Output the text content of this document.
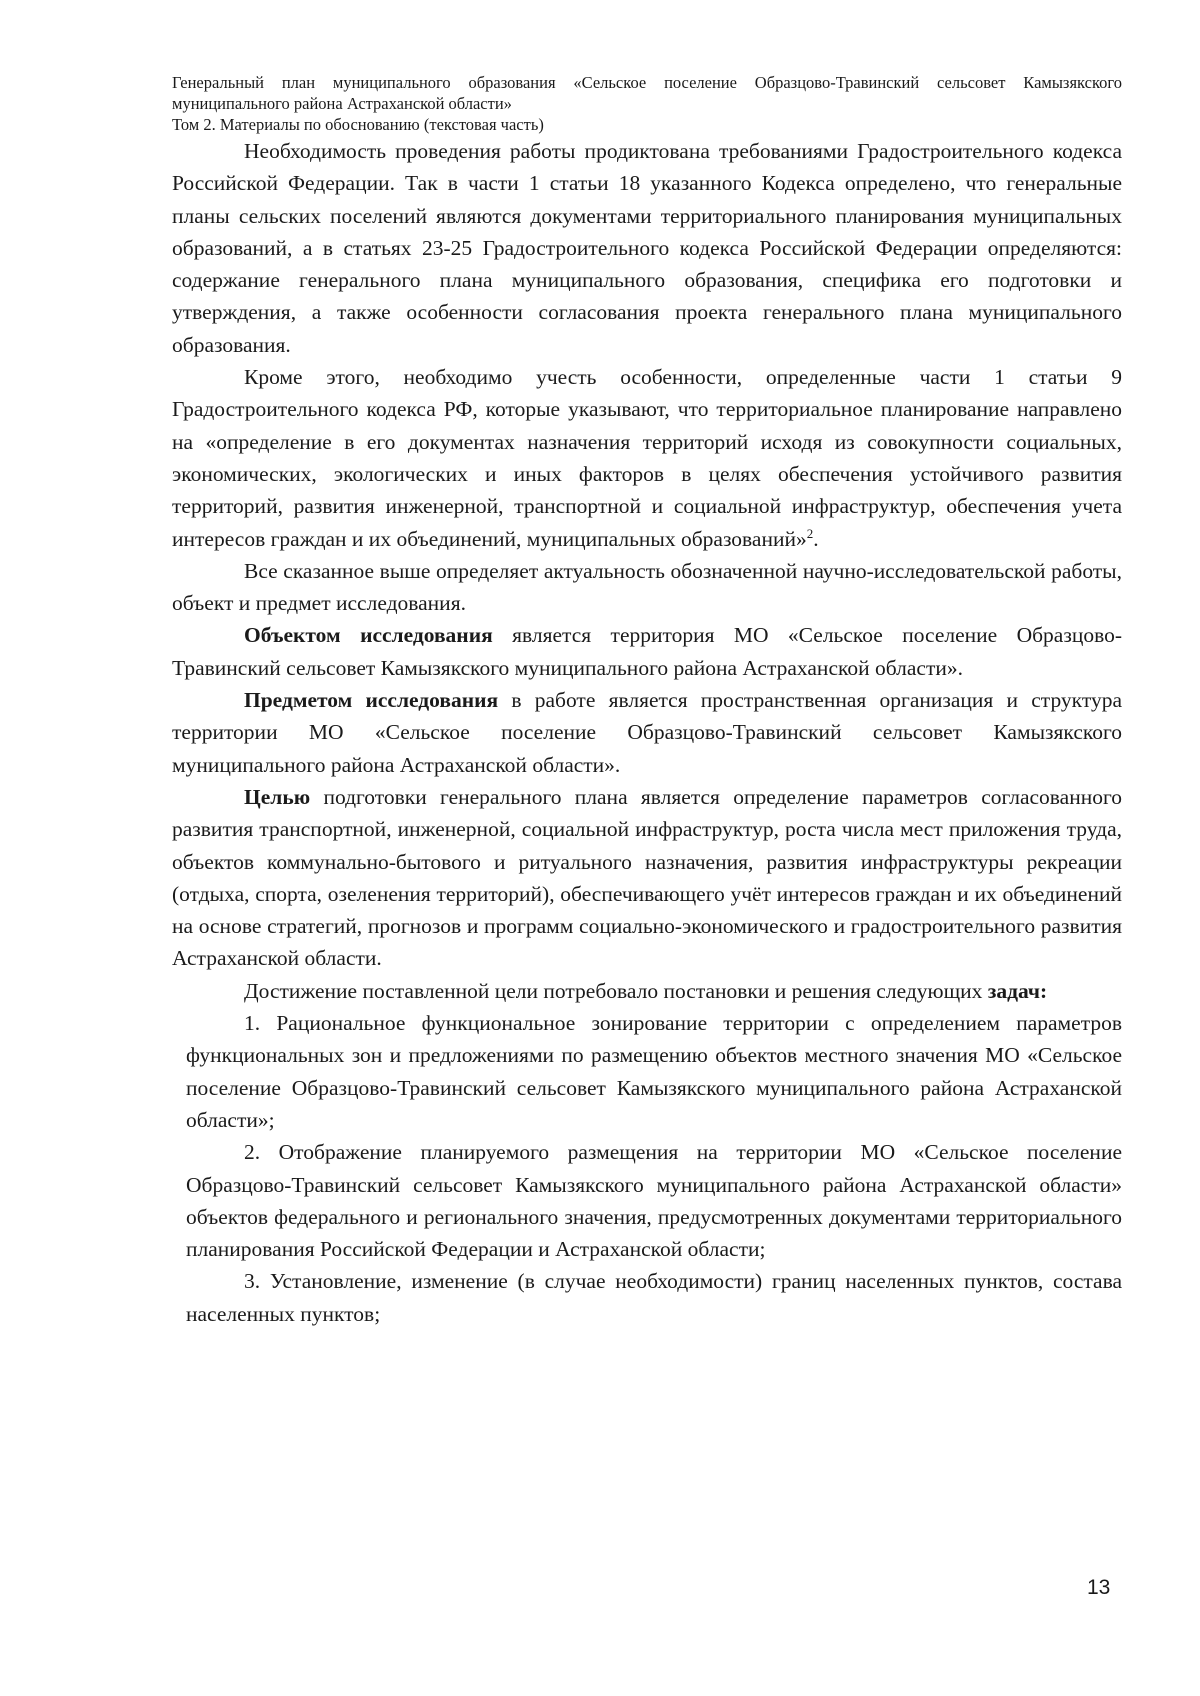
Генеральный план муниципального образования «Сельское поселение Образцово-Травинский сельсовет Камызякского муниципального района Астраханской области»

Том 2. Материалы по обоснованию (текстовая часть)

Необходимость проведения работы продиктована требованиями Градостроительного кодекса Российской Федерации. Так в части 1 статьи 18 указанного Кодекса определено, что генеральные планы сельских поселений являются документами территориального планирования муниципальных образований, а в статьях 23-25 Градостроительного кодекса Российской Федерации определяются: содержание генерального плана муниципального образования, специфика его подготовки и утверждения, а также особенности согласования проекта генерального плана муниципального образования.

Кроме этого, необходимо учесть особенности, определенные части 1 статьи 9 Градостроительного кодекса РФ, которые указывают, что территориальное планирование направлено на «определение в его документах назначения территорий исходя из совокупности социальных, экономических, экологических и иных факторов в целях обеспечения устойчивого развития территорий, развития инженерной, транспортной и социальной инфраструктур, обеспечения учета интересов граждан и их объединений, муниципальных образований»$^2$.

Все сказанное выше определяет актуальность обозначенной научно-исследовательской работы, объект и предмет исследования.

Объектом исследования является территория МО «Сельское поселение Образцово-Травинский сельсовет Камызякского муниципального района Астраханской области».

Предметом исследования в работе является пространственная организация и структура территории МО «Сельское поселение Образцово-Травинский сельсовет Камызякского муниципального района Астраханской области».

Целью подготовки генерального плана является определение параметров согласованного развития транспортной, инженерной, социальной инфраструктур, роста числа мест приложения труда, объектов коммунально-бытового и ритуального назначения, развития инфраструктуры рекреации (отдыха, спорта, озеленения территорий), обеспечивающего учёт интересов граждан и их объединений на основе стратегий, прогнозов и программ социально-экономического и градостроительного развития Астраханской области.

Достижение поставленной цели потребовало постановки и решения следующих задач:

1. Рациональное функциональное зонирование территории с определением параметров функциональных зон и предложениями по размещению объектов местного значения МО «Сельское поселение Образцово-Травинский сельсовет Камызякского муниципального района Астраханской области»;

2. Отображение планируемого размещения на территории МО «Сельское поселение Образцово-Травинский сельсовет Камызякского муниципального района Астраханской области» объектов федерального и регионального значения, предусмотренных документами территориального планирования Российской Федерации и Астраханской области;

3. Установление, изменение (в случае необходимости) границ населенных пунктов, состава населенных пунктов;

13
